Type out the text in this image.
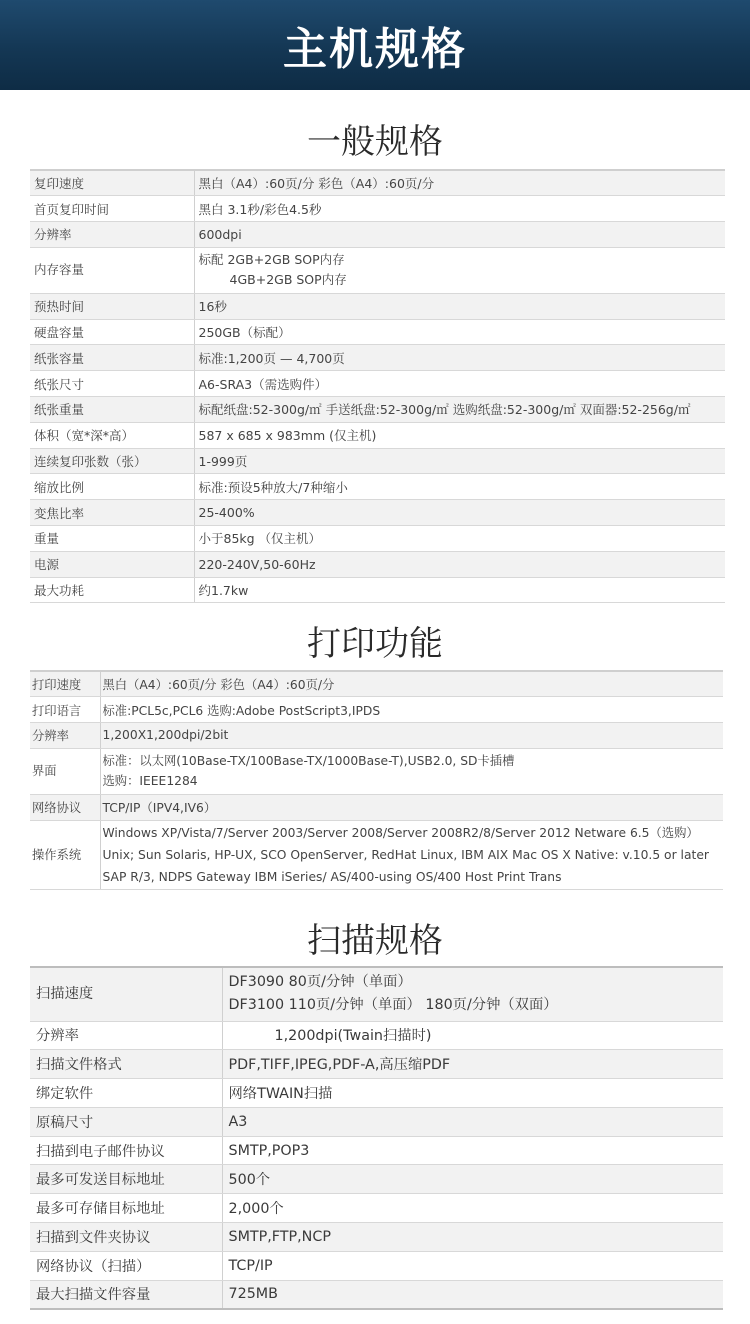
主机规格
一般规格
复印速度	黑白（A4）:60页/分 彩色（A4）:60页/分

首页复印时间	黑白 3.1秒/彩色4.5秒

分辨率	600dpi

内存容量	标配 2GB+2GB SOP内存
4GB+2GB SOP内存

预热时间	16秒

硬盘容量	250GB（标配）

纸张容量	标准:1,200页 — 4,700页

纸张尺寸	A6-SRA3（需选购件）

纸张重量	标配纸盘:52-300g/㎡ 手送纸盘:52-300g/㎡ 选购纸盘:52-300g/㎡ 双面器:52-256g/㎡

体积（宽*深*高）	587 x 685 x 983mm (仅主机)

连续复印张数（张）	1-999页

缩放比例	标准:预设5种放大/7种缩小

变焦比率	25-400%

重量	小于85kg （仅主机）

电源	220-240V,50-60Hz

最大功耗	约1.7kw
打印功能
打印速度	黑白（A4）:60页/分 彩色（A4）:60页/分

打印语言	标准:PCL5c,PCL6 选购:Adobe PostScript3,IPDS

分辨率	1,200X1,200dpi/2bit

界面	标准：以太网(10Base-TX/100Base-TX/1000Base-T),USB2.0, SD卡插槽
选购：IEEE1284

网络协议	TCP/IP（IPV4,IV6）

操作系统	Windows XP/Vista/7/Server 2003/Server 2008/Server 2008R2/8/Server 2012 Netware 6.5（选购）
Unix; Sun Solaris, HP-UX, SCO OpenServer, RedHat Linux, IBM AIX Mac OS X Native: v.10.5 or later
SAP R/3, NDPS Gateway IBM iSeries/ AS/400-using OS/400 Host Print Trans
扫描规格
扫描速度	DF3090 80页/分钟（单面）
DF3100 110页/分钟（单面） 180页/分钟（双面）

分辨率	1,200dpi(Twain扫描时)

扫描文件格式	PDF,TIFF,IPEG,PDF-A,高压缩PDF

绑定软件	网络TWAIN扫描

原稿尺寸	A3

扫描到电子邮件协议	SMTP,POP3

最多可发送目标地址	500个

最多可存储目标地址	2,000个

扫描到文件夹协议	SMTP,FTP,NCP

网络协议（扫描）	TCP/IP

最大扫描文件容量	725MB
